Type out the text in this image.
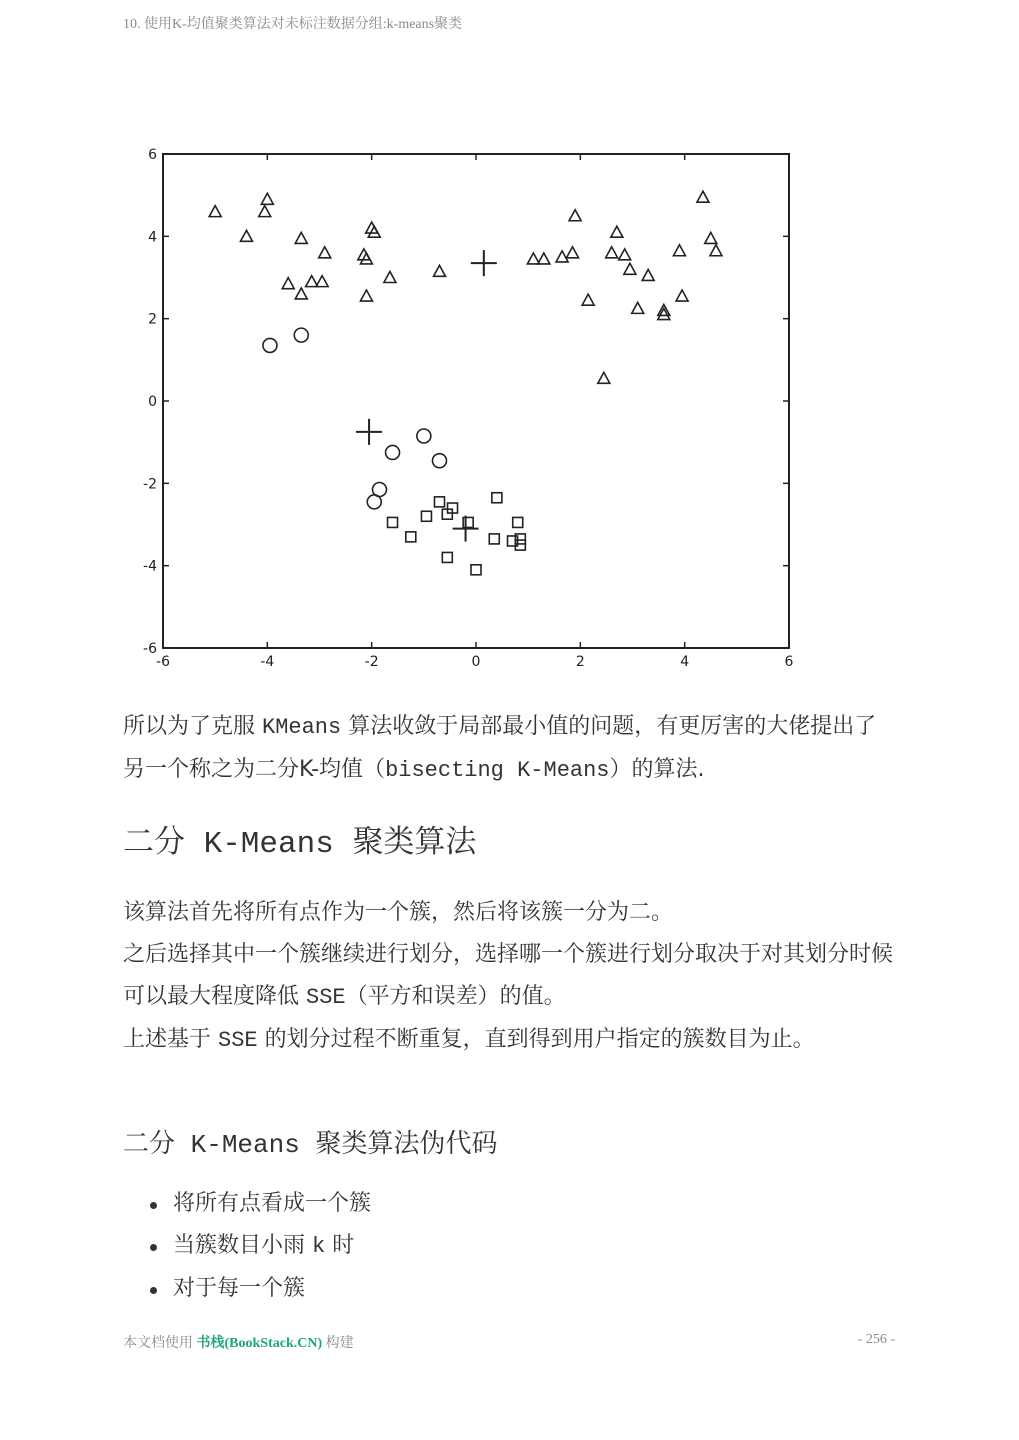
10. 使用K-均值聚类算法对未标注数据分组:k-means聚类
-6	-4	-2	0	2	4	6
6
4
2
0
-2
-4
-6

所以为了克服 KMeans 算法收敛于局部最小值的问题，有更厉害的大佬提出了另一个称之为二分K-均值（bisecting K-Means）的算法.

二分 K-Means 聚类算法

该算法首先将所有点作为一个簇，然后将该簇一分为二。

之后选择其中一个簇继续进行划分，选择哪一个簇进行划分取决于对其划分时候可以最大程度降低 SSE（平方和误差）的值。

上述基于 SSE 的划分过程不断重复，直到得到用户指定的簇数目为止。

二分 K-Means 聚类算法伪代码
将所有点看成一个簇
当簇数目小雨 k 时
对于每一个簇
本文档使用 书栈(BookStack.CN) 构建	- 256 -
